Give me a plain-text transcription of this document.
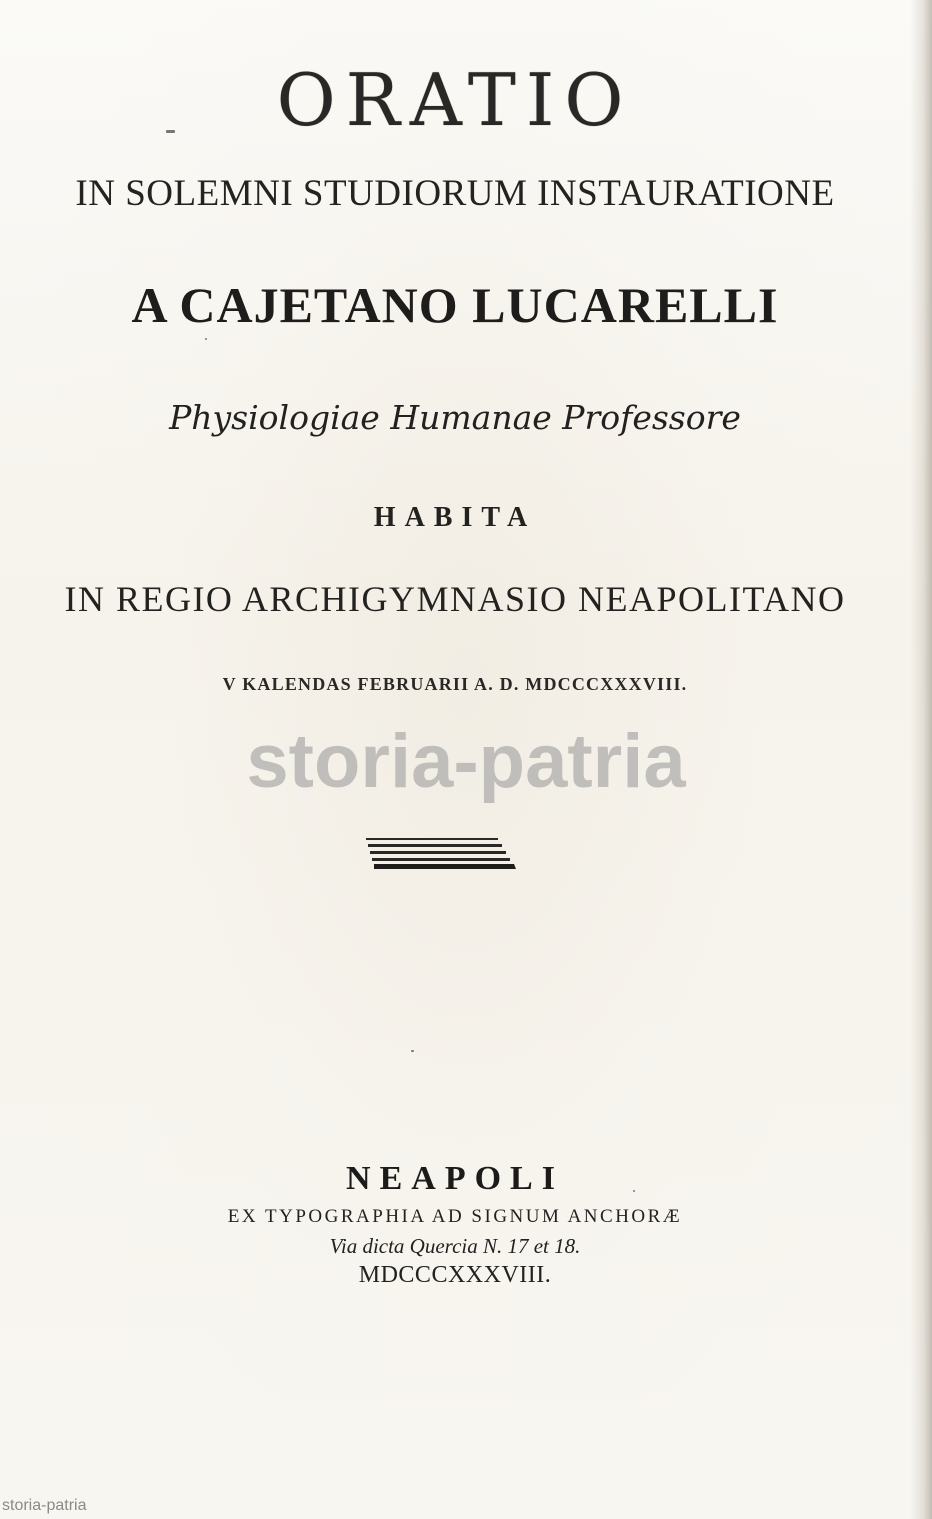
ORATIO
IN SOLEMNI STUDIORUM INSTAURATIONE
A CAJETANO LUCARELLI
Physiologiae Humanae Professore
HABITA
IN REGIO ARCHIGYMNASIO NEAPOLITANO
V KALENDAS FEBRUARII A. D. MDCCCXXXVIII.
storia-patria
NEAPOLI
EX TYPOGRAPHIA AD SIGNUM ANCHORÆ
Via dicta Quercia N. 17 et 18.
MDCCCXXXVIII.
storia-patria
